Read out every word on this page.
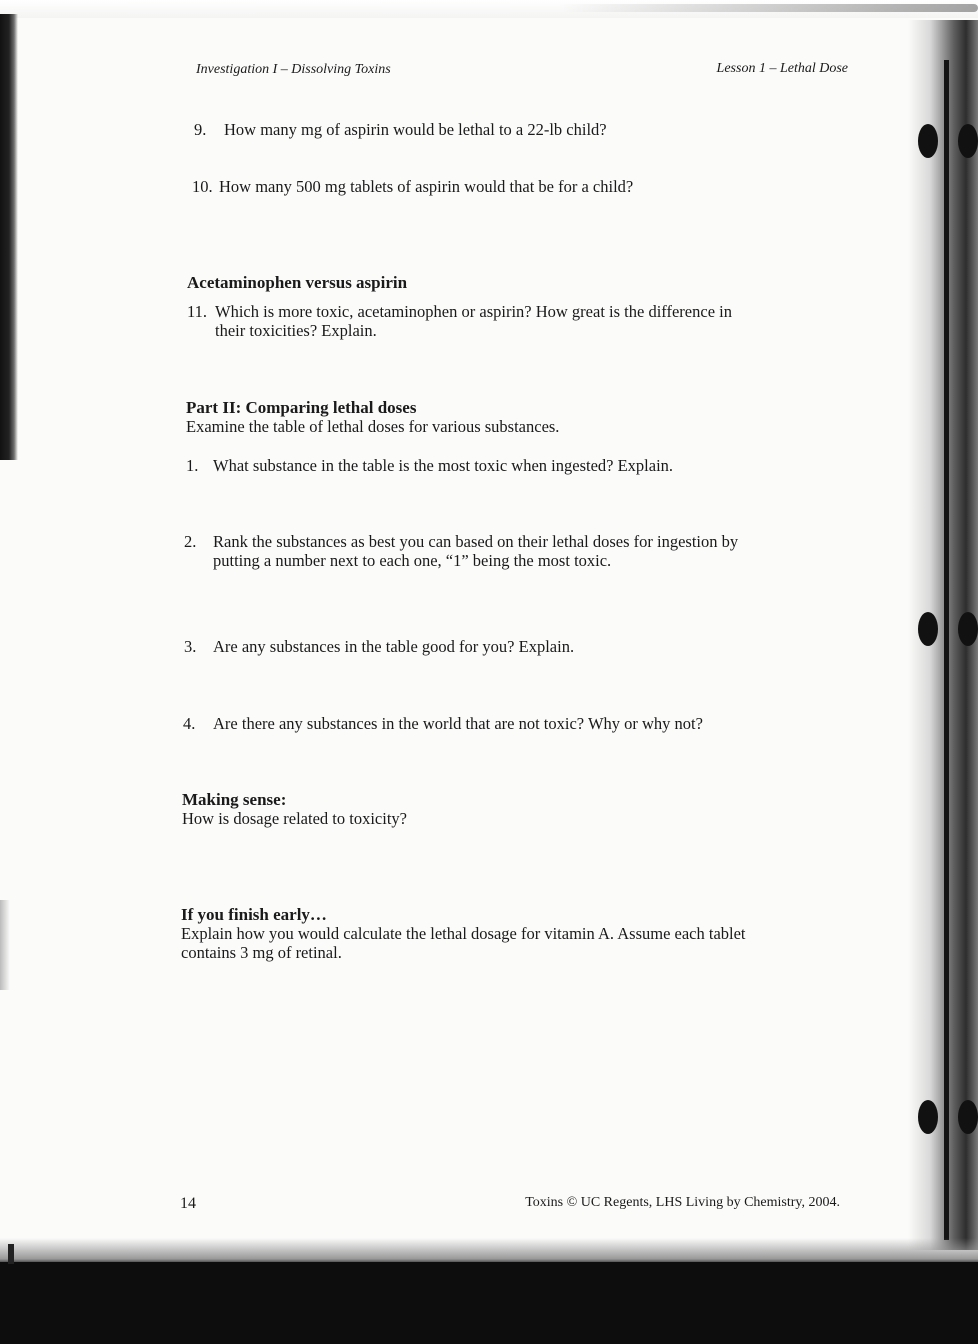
Investigation I – Dissolving Toxins	Lesson 1 – Lethal Dose

9. How many mg of aspirin would be lethal to a 22-lb child?

10. How many 500 mg tablets of aspirin would that be for a child?

Acetaminophen versus aspirin

11. Which is more toxic, acetaminophen or aspirin? How great is the difference in

their toxicities? Explain.

Part II: Comparing lethal doses

Examine the table of lethal doses for various substances.

1. What substance in the table is the most toxic when ingested? Explain.

2. Rank the substances as best you can based on their lethal doses for ingestion by

putting a number next to each one, “1” being the most toxic.

3. Are any substances in the table good for you? Explain.

4. Are there any substances in the world that are not toxic? Why or why not?

Making sense:

How is dosage related to toxicity?

If you finish early…

Explain how you would calculate the lethal dosage for vitamin A. Assume each tablet

contains 3 mg of retinal.

14	Toxins © UC Regents, LHS Living by Chemistry, 2004.
